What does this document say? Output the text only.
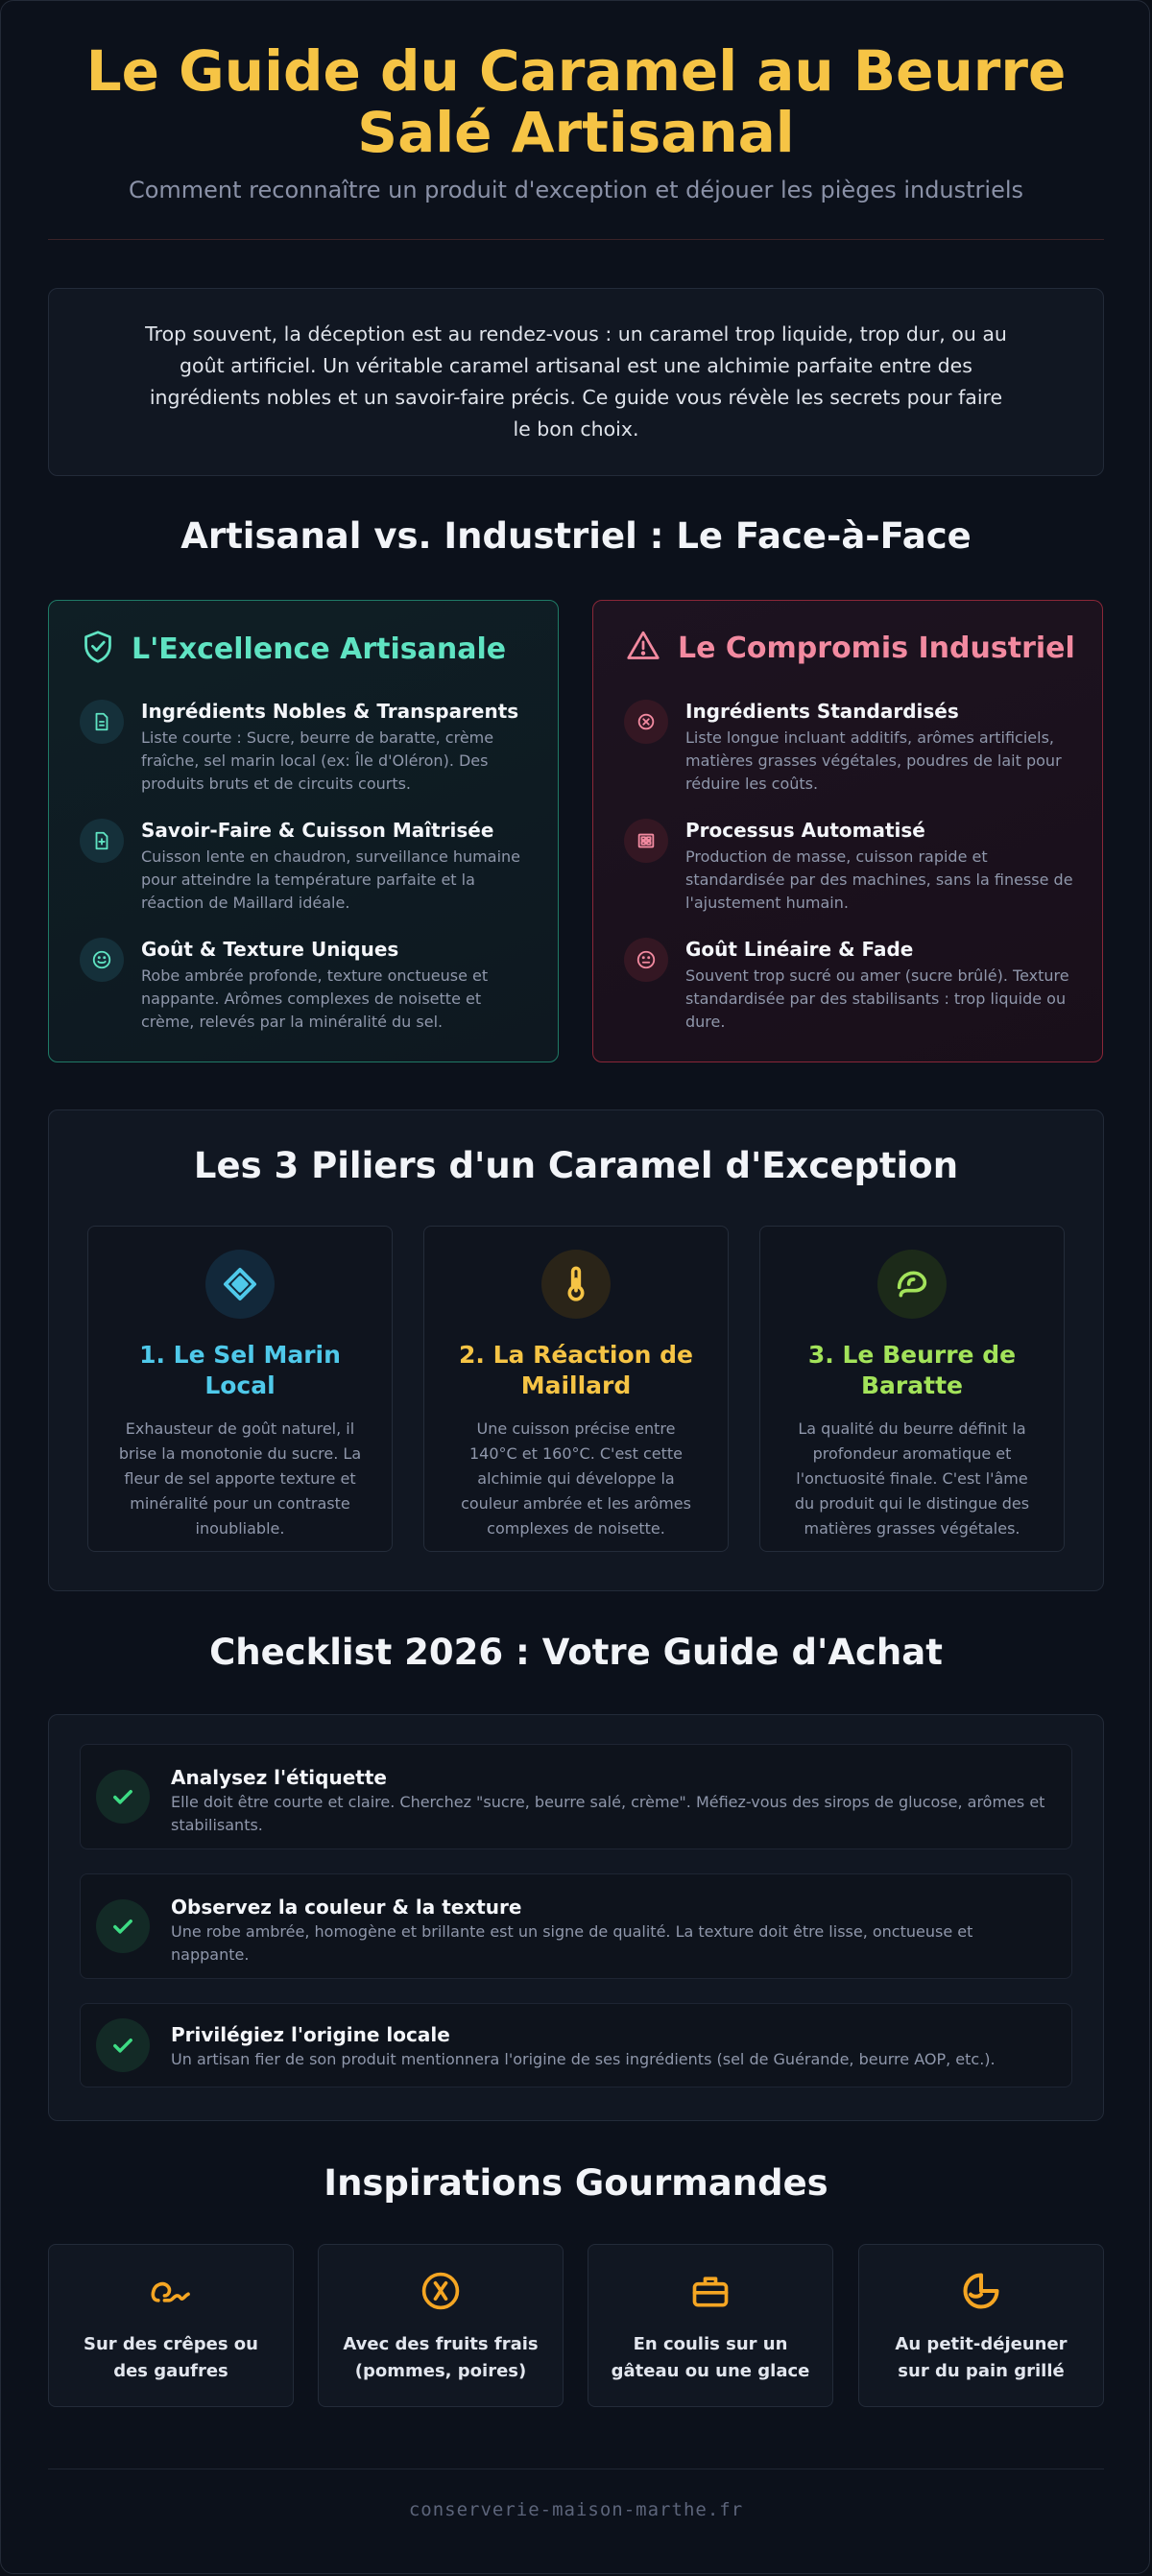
Le Guide du Caramel au Beurre Salé Artisanal
Comment reconnaître un produit d'exception et déjouer les pièges industriels

Trop souvent, la déception est au rendez-vous : un caramel trop liquide, trop dur, ou au goût artificiel. Un véritable caramel artisanal est une alchimie parfaite entre des ingrédients nobles et un savoir-faire précis. Ce guide vous révèle les secrets pour faire le bon choix.

Artisanal vs. Industriel : Le Face-à-Face
L'Excellence Artisanale
Ingrédients Nobles & Transparents
Liste courte : Sucre, beurre de baratte, crème fraîche, sel marin local (ex: Île d'Oléron). Des produits bruts et de circuits courts.
Savoir-Faire & Cuisson Maîtrisée
Cuisson lente en chaudron, surveillance humaine pour atteindre la température parfaite et la réaction de Maillard idéale.
Goût & Texture Uniques
Robe ambrée profonde, texture onctueuse et nappante. Arômes complexes de noisette et crème, relevés par la minéralité du sel.
Le Compromis Industriel
Ingrédients Standardisés
Liste longue incluant additifs, arômes artificiels, matières grasses végétales, poudres de lait pour réduire les coûts.
Processus Automatisé
Production de masse, cuisson rapide et standardisée par des machines, sans la finesse de l'ajustement humain.
Goût Linéaire & Fade
Souvent trop sucré ou amer (sucre brûlé). Texture standardisée par des stabilisants : trop liquide ou dure.
Les 3 Piliers d'un Caramel d'Exception
1. Le Sel Marin Local
Exhausteur de goût naturel, il brise la monotonie du sucre. La fleur de sel apporte texture et minéralité pour un contraste inoubliable.
2. La Réaction de Maillard
Une cuisson précise entre 140°C et 160°C. C'est cette alchimie qui développe la couleur ambrée et les arômes complexes de noisette.
3. Le Beurre de Baratte
La qualité du beurre définit la profondeur aromatique et l'onctuosité finale. C'est l'âme du produit qui le distingue des matières grasses végétales.
Checklist 2026 : Votre Guide d'Achat
Analysez l'étiquette
Elle doit être courte et claire. Cherchez "sucre, beurre salé, crème". Méfiez-vous des sirops de glucose, arômes et stabilisants.
Observez la couleur & la texture
Une robe ambrée, homogène et brillante est un signe de qualité. La texture doit être lisse, onctueuse et nappante.
Privilégiez l'origine locale
Un artisan fier de son produit mentionnera l'origine de ses ingrédients (sel de Guérande, beurre AOP, etc.).
Inspirations Gourmandes
Sur des crêpes ou des gaufres
Avec des fruits frais (pommes, poires)
En coulis sur un gâteau ou une glace
Au petit-déjeuner sur du pain grillé
conserverie-maison-marthe.fr
